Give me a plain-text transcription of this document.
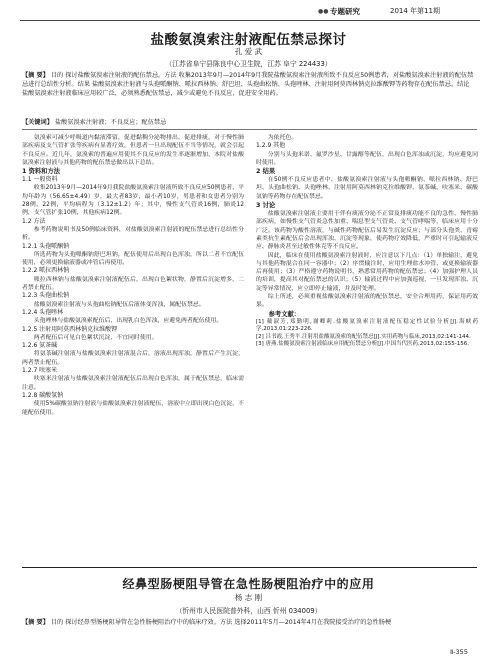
●● 专题研究	2014 年第11期
盐酸氨溴索注射液配伍禁忌探讨
孔 爱 武
（江苏省阜宁县陈良中心卫生院，江苏 阜宁 224433）
【摘 要】 目的 探讨盐酸氨溴索注射液的配伍禁忌。方法 收集2013年9月—2014年9月我院盐酸氨溴索注射液所致不良反应50例患者，对盐酸氨溴索注射液的配伍禁忌进行总结性分析。结果 盐酸氨溴索注射液与头孢哌酮钠、哌拉西林钠、舒巴坦、头孢曲松钠、头孢唑林、注射用阿莫西林钠克拉维酸钾等药物存在配伍禁忌。结论 盐酸氨溴索注射液临床应用较广泛，必须熟悉配伍禁忌，减少或避免不良反应，促进安全用药。
【关键词】 盐酸氨溴索注射液；不良反应；配伍禁忌

氨溴索可减少呼吸道内黏液滞留，促进黏稠分泌物排出，促进排痰，对于慢性肺部疾病及支气管扩张等疾病有显著疗效，但患者一旦出现配伍不当等情况，就会引起不良反应。近几年，氨溴索的普遍应用使其不良反应的发生率逐渐增加，本院对盐酸氨溴索注射液与其他药物的配伍禁忌做出以下总结。

1 资料和方法
1.1 一般资料

收集2013年9月—2014年9月我院盐酸氨溴索注射液所致不良反应50例患者，平均年龄为（56.65±4.49）岁，最大者83岁，最小者10岁，男患者和女患者分别为28例、22例，平均病程为（3.12±1.2）年；其中，慢性支气管炎16例，肺炎12例，支气管扩张10例，其他疾病12例。

1.2 方法

参考药物说明书及50例临床资料，对盐酸氨溴索注射液的配伍禁忌进行总结性分析。

1.2.1 头孢哌酮钠

所选药物为头孢哌酮钠舒巴坦钠，配伍使用后出现白色浑浊，所以二者不宜配伍使用，必须更换输液器或冲管后再使用。

1.2.2 哌拉西林钠

哌拉西林钠与盐酸氨溴索注射液配伍后，出现白色絮状物，静置后沉淀增多，二者禁止配伍。

1.2.3 头孢曲松钠

盐酸氨溴索注射液与头孢曲松钠配伍后液体变浑浊，属配伍禁忌。

1.2.4 头孢唑林

头孢唑林与盐酸氨溴索配伍后，出现乳白色浑浊，应避免两者配伍使用。

1.2.5 注射用阿莫西林钠克拉维酸钾

两者配伍后可见白色絮状沉淀，不宜同时使用。

1.2.6 氨茶碱

将氨茶碱注射液与盐酸氨溴索注射液混合后，溶液出现浑浊，静置后产生沉淀，两者禁止配伍。

1.2.7 呋塞米

呋塞米注射液与盐酸氨溴索注射液配伍后出现白色浑浊，属于配伍禁忌，临床需注意。

1.2.8 碳酸氢钠

使用5%碳酸氢钠注射液与盐酸氨溴索注射液配伍，溶液中立即出现白色沉淀，不能配伍使用。

为依托色。

1.2.9 其他

分别与头孢米诺、氟罗沙星、甘露醇等配伍，出现白色浑浊或沉淀，均应避免同时使用。

2 结果

在50例不良反应患者中，盐酸氨溴索注射液与头孢哌酮钠、哌拉西林钠、舒巴坦、头孢曲松钠、头孢唑林、注射用阿莫西林钠克拉维酸钾、氨茶碱、呋塞米、碳酸氢钠等药物存在配伍禁忌。

3 讨论

盐酸氨溴索注射液主要用于伴有痰液分泌不正常及排痰功能不良的急性、慢性肺部疾病，如慢性支气管炎急性加重、喘息型支气管炎、支气管哮喘等，临床应用十分广泛。该药物为酸性溶液，与碱性药物配伍后易发生沉淀反应；与部分头孢类、青霉素类抗生素配伍后会出现浑浊、沉淀等现象，使药物疗效降低，严重时可引起输液反应、静脉炎甚至过敏性休克等不良反应。

因此，临床在使用盐酸氨溴索注射液时，应注意以下几点：（1）单独输注，避免与其他药物混合在同一容器中；（2）序贯输注时，应用生理盐水冲管，或更换输液器后再使用；（3）严格遵守药物说明书，熟悉常用药物的配伍禁忌；（4）加强护理人员的培训，提高其对配伍禁忌的认识；（5）输液过程中应加强巡视，一旦发现浑浊、沉淀等异常情况，应立即停止输液，并及时处理。

综上所述，必须重视盐酸氨溴索注射液的配伍禁忌，安全合理用药，保证用药效果。

参考文献：

[1] 戴淑芳,郑勤明,谢卿莉.盐酸氨溴索注射液配伍稳定性试验分析[J].海峡药学,2013,01:223-226.

[2] 吕书霞,王秀平.注射用盐酸氨溴索的配伍禁忌[J].实用药物与临床,2013,02:141-144.

[3] 唐燕.盐酸氨溴索注射液临床应用配伍禁忌分析[J].中国当代医药,2013,02:155-156.

经鼻型肠梗阻导管在急性肠梗阻治疗中的应用
杨 志 刚
（忻州市人民医院普外科，山西 忻州 034009）
【摘 要】 目的 探讨经鼻型肠梗阻导管在急性肠梗阻治疗中的临床疗效。方法 选择2011年5月—2014年4月在我院接受治疗的急性肠梗
Ⅱ-355
